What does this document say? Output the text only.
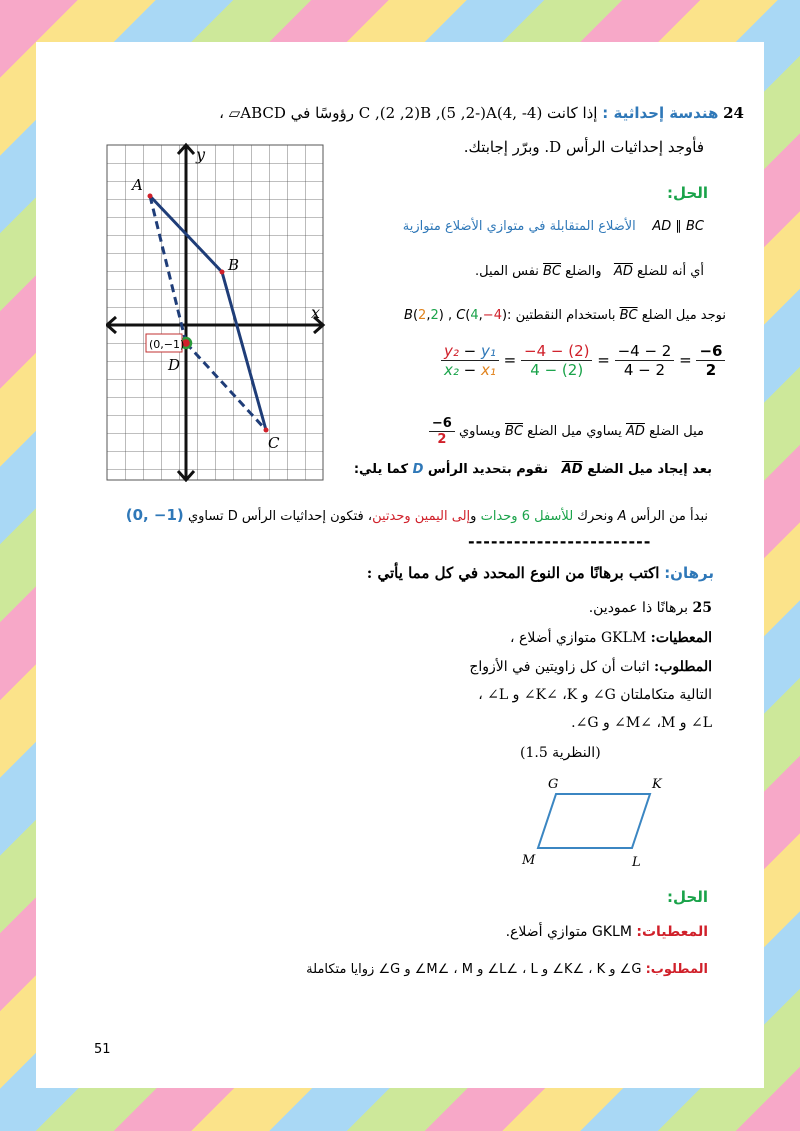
24 هندسة إحداثية : إذا كانت (4- ,4)C ,(2 ,2)B ,(5 ,2-)A رؤوسًا في ABCD▱ ،
فأوجد إحداثيات الرأس D. وبرّر إجابتك.
y
x
A
B
C
D
(0,−1)
الحل:
AD ∥ BC    الأضلاع المتقابلة في متوازي الأضلاع متوازية
أي أنه للضلع AD   والضلع BC نفس الميل.
نوجد ميل الضلع BC باستخدام النقطتين B(2,2) , C(4,−4):
$\frac{\text{y₂ − y₁}}{\text{x₂ − x₁}} = \frac{-4 - (2)}{4 - (2)} = \frac{-4 - 2}{4 - 2} = \frac{-6}{2}$
ميل الضلع AD يساوي ميل الضلع BC ويساوي
$\frac{-6}{2}$
بعد إيجاد ميل الضلع AD   نقوم بتحديد الرأس D كما يلي:
نبدأ من الرأس A ونحرك للأسفل 6 وحدات وإلى اليمين وحدتين، فتكون إحداثيات الرأس D تساوي (0, −1)
------------------------
برهان: اكتب برهانًا من النوع المحدد في كل مما يأتي :
25 برهانًا ذا عمودين.
المعطيات: GKLM متوازي أضلاع ،
المطلوب: اثبات أن كل زاويتين في الأزواج
التالية متكاملتان G∠ و K∠ ،K∠ و L∠ ،
L∠ و M∠ ،M∠ و G∠.
(النظرية 1.5)
G	K
L
M
الحل:
المعطيات: GKLM متوازي أضلاع.
المطلوب: G∠ و K∠ ، K∠ و L∠ ، L∠ و M∠ ، M∠ و G∠ زوايا متكاملة
51
